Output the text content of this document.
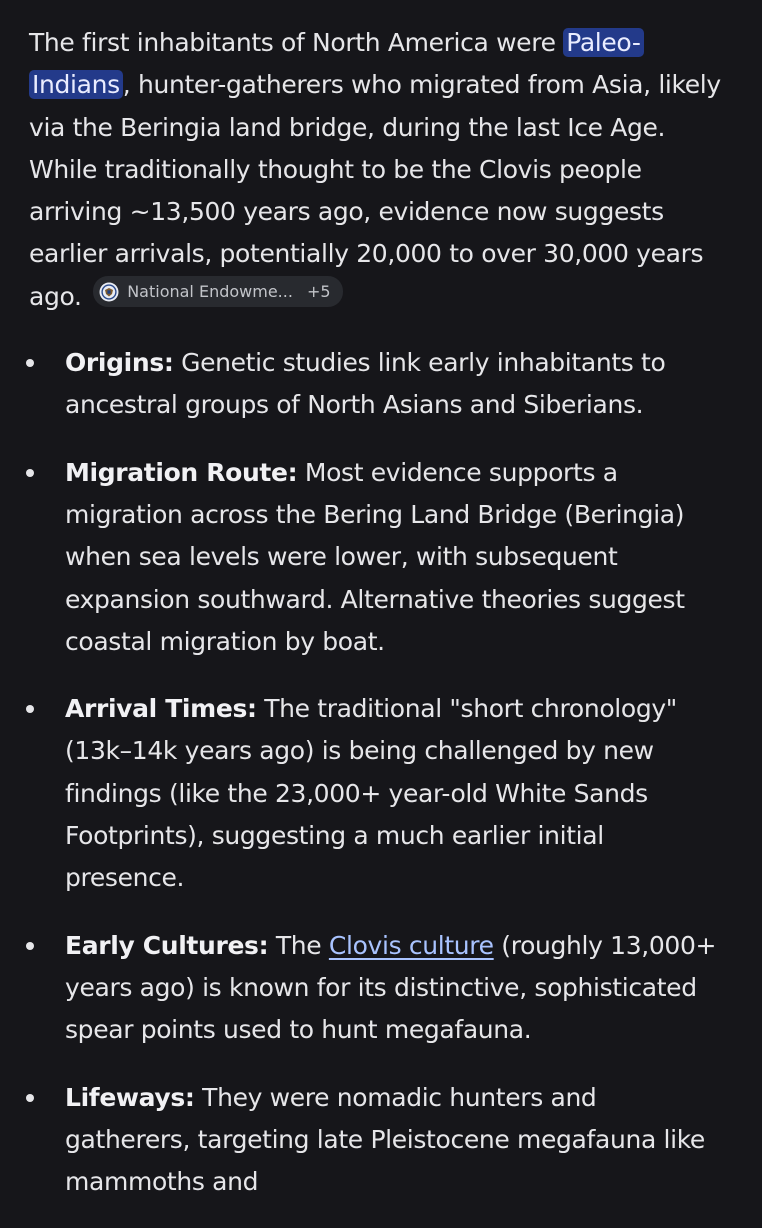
The first inhabitants of North America were Paleo-Indians , hunter-gatherers who migrated from Asia, likely via the Beringia land bridge, during the last Ice Age. While traditionally thought to be the Clovis people arriving ~13,500 years ago, evidence now suggests earlier arrivals, potentially 20,000 to over 30,000 years ago.	National Endowme... +5

Origins: Genetic studies link early inhabitants to ancestral groups of North Asians and Siberians.
Migration Route: Most evidence supports a migration across the Bering Land Bridge (Beringia) when sea levels were lower, with subsequent expansion southward. Alternative theories suggest coastal migration by boat.
Arrival Times: The traditional "short chronology" (13k–14k years ago) is being challenged by new findings (like the 23,000+ year-old White Sands Footprints), suggesting a much earlier initial presence.
Early Cultures: The Clovis culture (roughly 13,000+ years ago) is known for its distinctive, sophisticated spear points used to hunt megafauna.
Lifeways: They were nomadic hunters and gatherers, targeting late Pleistocene megafauna like mammoths and
